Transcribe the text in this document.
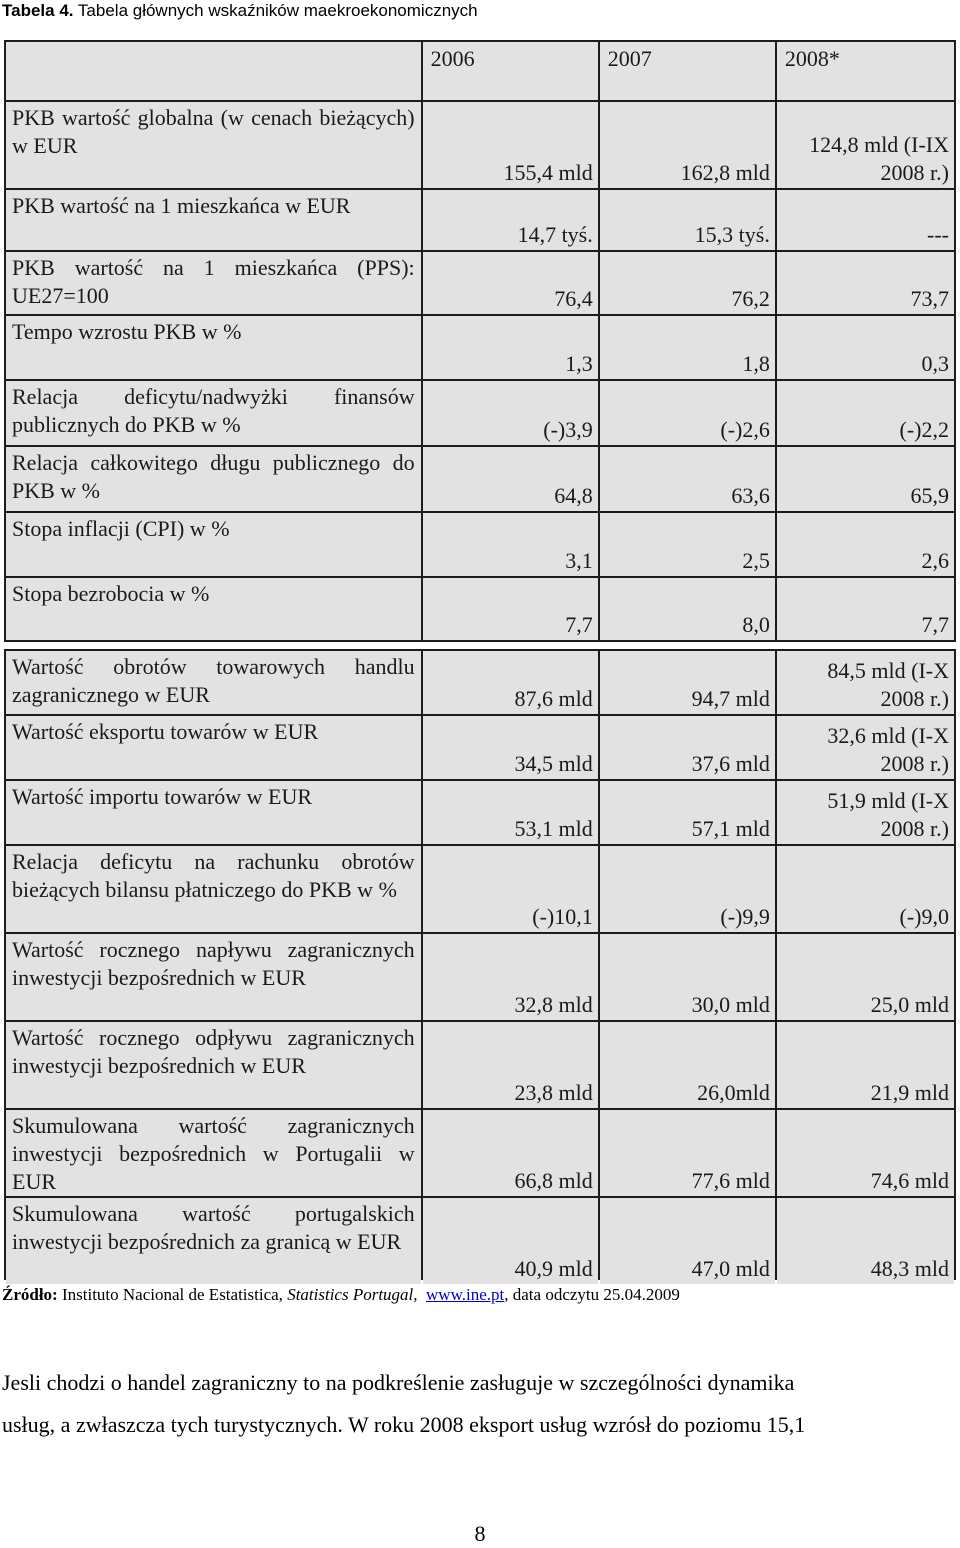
Tabela 4. Tabela głównych wskaźników maekroekonomicznych
	2006	2007	2008*
PKB wartość globalna (w cenach bieżących) w EUR	155,4 mld	162,8 mld	124,8 mld (I-IX 2008 r.)
PKB wartość na 1 mieszkańca w EUR	14,7 tyś.	15,3 tyś.	---
PKB wartość na 1 mieszkańca (PPS): UE27=100	76,4	76,2	73,7
Tempo wzrostu PKB w %	1,3	1,8	0,3
Relacja deficytu/nadwyżki finansów publicznych do PKB w %	(-)3,9	(-)2,6	(-)2,2
Relacja całkowitego długu publicznego do PKB w %	64,8	63,6	65,9
Stopa inflacji (CPI) w %	3,1	2,5	2,6
Stopa bezrobocia w %	7,7	8,0	7,7
Wartość obrotów towarowych handlu zagranicznego w EUR	87,6 mld	94,7 mld	84,5 mld (I-X 2008 r.)
Wartość eksportu towarów w EUR	34,5 mld	37,6 mld	32,6 mld (I-X 2008 r.)
Wartość importu towarów w EUR	53,1 mld	57,1 mld	51,9 mld (I-X 2008 r.)
Relacja deficytu na rachunku obrotów bieżących bilansu płatniczego do PKB w %	(-)10,1	(-)9,9	(-)9,0
Wartość rocznego napływu zagranicznych inwestycji bezpośrednich w EUR	32,8 mld	30,0 mld	25,0 mld
Wartość rocznego odpływu zagranicznych inwestycji bezpośrednich w EUR	23,8 mld	26,0mld	21,9 mld
Skumulowana wartość zagranicznych inwestycji bezpośrednich w Portugalii w EUR	66,8 mld	77,6 mld	74,6 mld
Skumulowana wartość portugalskich inwestycji bezpośrednich za granicą w EUR	40,9 mld	47,0 mld	48,3 mld
Źródło: Instituto Nacional de Estatistica, Statistics Portugal, www.ine.pt, data odczytu 25.04.2009
Jesli chodzi o handel zagraniczny to na podkreślenie zasługuje w szczególności dynamika
usług, a zwłaszcza tych turystycznych. W roku 2008 eksport usług wzrósł do poziomu 15,1
8
